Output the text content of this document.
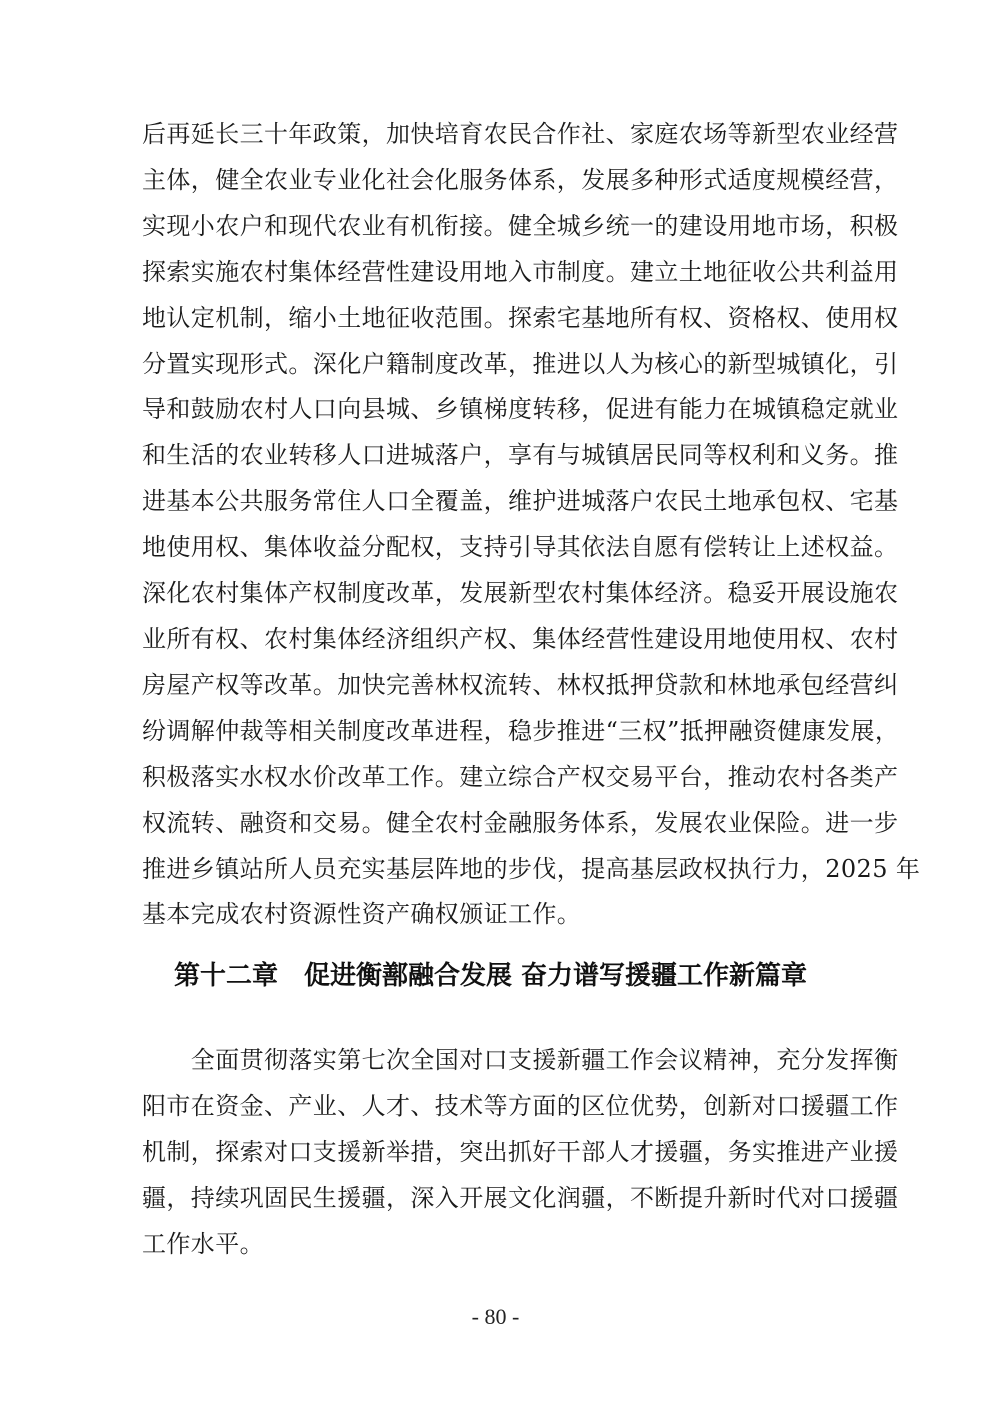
后再延长三十年政策，加快培育农民合作社、家庭农场等新型农业经营
主体，健全农业专业化社会化服务体系，发展多种形式适度规模经营，
实现小农户和现代农业有机衔接。健全城乡统一的建设用地市场，积极
探索实施农村集体经营性建设用地入市制度。建立土地征收公共利益用
地认定机制，缩小土地征收范围。探索宅基地所有权、资格权、使用权
分置实现形式。深化户籍制度改革，推进以人为核心的新型城镇化，引
导和鼓励农村人口向县城、乡镇梯度转移，促进有能力在城镇稳定就业
和生活的农业转移人口进城落户，享有与城镇居民同等权利和义务。推
进基本公共服务常住人口全覆盖，维护进城落户农民土地承包权、宅基
地使用权、集体收益分配权，支持引导其依法自愿有偿转让上述权益。
深化农村集体产权制度改革，发展新型农村集体经济。稳妥开展设施农
业所有权、农村集体经济组织产权、集体经营性建设用地使用权、农村
房屋产权等改革。加快完善林权流转、林权抵押贷款和林地承包经营纠
纷调解仲裁等相关制度改革进程，稳步推进“三权”抵押融资健康发展，
积极落实水权水价改革工作。建立综合产权交易平台，推动农村各类产
权流转、融资和交易。健全农村金融服务体系，发展农业保险。进一步
推进乡镇站所人员充实基层阵地的步伐，提高基层政权执行力，2025 年
基本完成农村资源性资产确权颁证工作。
第十二章　促进衡鄯融合发展 奋力谱写援疆工作新篇章
　　全面贯彻落实第七次全国对口支援新疆工作会议精神，充分发挥衡
阳市在资金、产业、人才、技术等方面的区位优势，创新对口援疆工作
机制，探索对口支援新举措，突出抓好干部人才援疆，务实推进产业援
疆，持续巩固民生援疆，深入开展文化润疆，不断提升新时代对口援疆
工作水平。
- 80 -
